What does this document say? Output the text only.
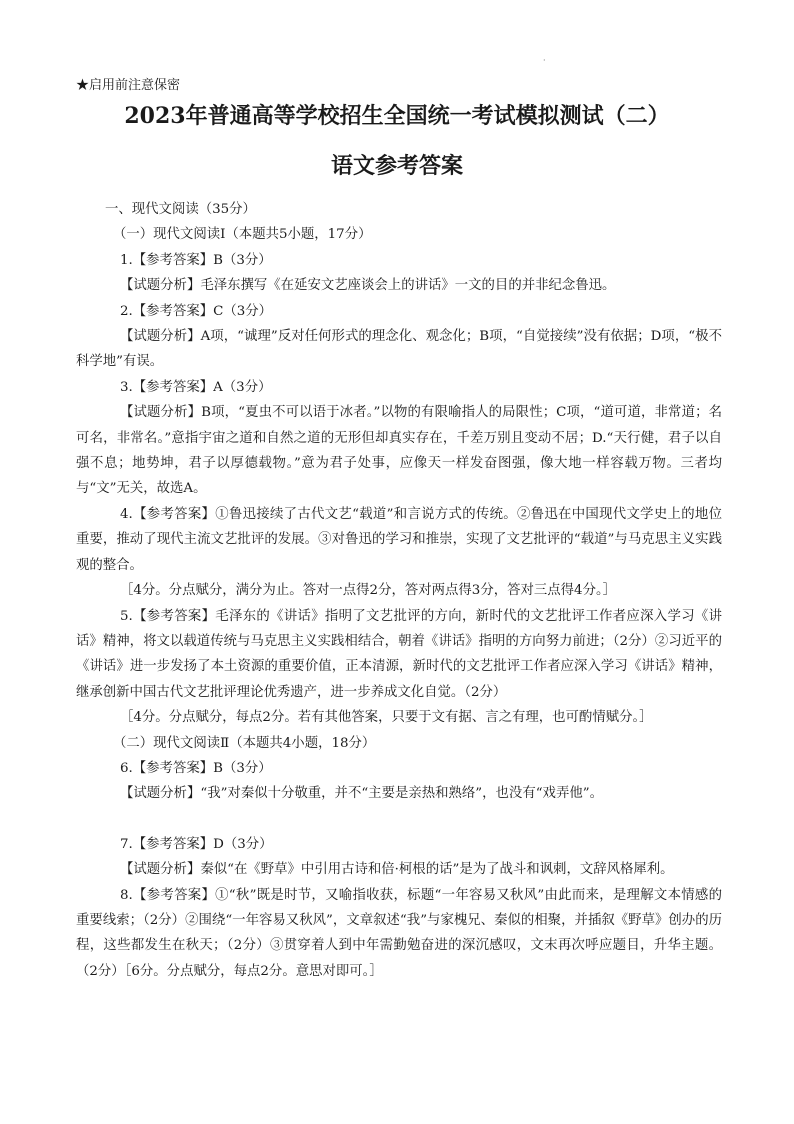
·
★启用前注意保密
2023年普通高等学校招生全国统一考试模拟测试（二）
语文参考答案

一、现代文阅读（35分）

（一）现代文阅读Ⅰ（本题共5小题，17分）

1.【参考答案】B（3分）

【试题分析】毛泽东撰写《在延安文艺座谈会上的讲话》一文的目的并非纪念鲁迅。

2.【参考答案】C（3分）

【试题分析】A项，“诚理”反对任何形式的理念化、观念化；B项，“自觉接续”没有依据；D项，“极不科学地”有误。

3.【参考答案】A（3分）

【试题分析】B项，“夏虫不可以语于冰者。”以物的有限喻指人的局限性；C项，“道可道，非常道；名可名，非常名。”意指宇宙之道和自然之道的无形但却真实存在，千差万别且变动不居；D.“天行健，君子以自强不息；地势坤，君子以厚德载物。”意为君子处事，应像天一样发奋图强，像大地一样容载万物。三者均与“文”无关，故选A。

4.【参考答案】①鲁迅接续了古代文艺“载道”和言说方式的传统。②鲁迅在中国现代文学史上的地位重要，推动了现代主流文艺批评的发展。③对鲁迅的学习和推崇，实现了文艺批评的“载道”与马克思主义实践观的整合。

［4分。分点赋分，满分为止。答对一点得2分，答对两点得3分，答对三点得4分。］

5.【参考答案】毛泽东的《讲话》指明了文艺批评的方向，新时代的文艺批评工作者应深入学习《讲话》精神，将文以载道传统与马克思主义实践相结合，朝着《讲话》指明的方向努力前进；（2分）②习近平的《讲话》进一步发扬了本土资源的重要价值，正本清源，新时代的文艺批评工作者应深入学习《讲话》精神，继承创新中国古代文艺批评理论优秀遗产，进一步养成文化自觉。（2分）

［4分。分点赋分，每点2分。若有其他答案，只要于文有据、言之有理，也可酌情赋分。］

（二）现代文阅读Ⅱ（本题共4小题，18分）

6.【参考答案】B（3分）

【试题分析】“我”对秦似十分敬重，并不“主要是亲热和熟络”，也没有“戏弄他”。

7.【参考答案】D（3分）

【试题分析】秦似“在《野草》中引用古诗和倍·柯根的话”是为了战斗和讽刺，文辞风格犀利。

8.【参考答案】①“秋”既是时节，又喻指收获，标题“一年容易又秋风”由此而来，是理解文本情感的重要线索；（2分）②围绕“一年容易又秋风”，文章叙述“我”与家槐兄、秦似的相聚，并插叙《野草》创办的历程，这些都发生在秋天；（2分）③贯穿着人到中年需勤勉奋进的深沉感叹，文末再次呼应题目，升华主题。（2分）［6分。分点赋分，每点2分。意思对即可。］
